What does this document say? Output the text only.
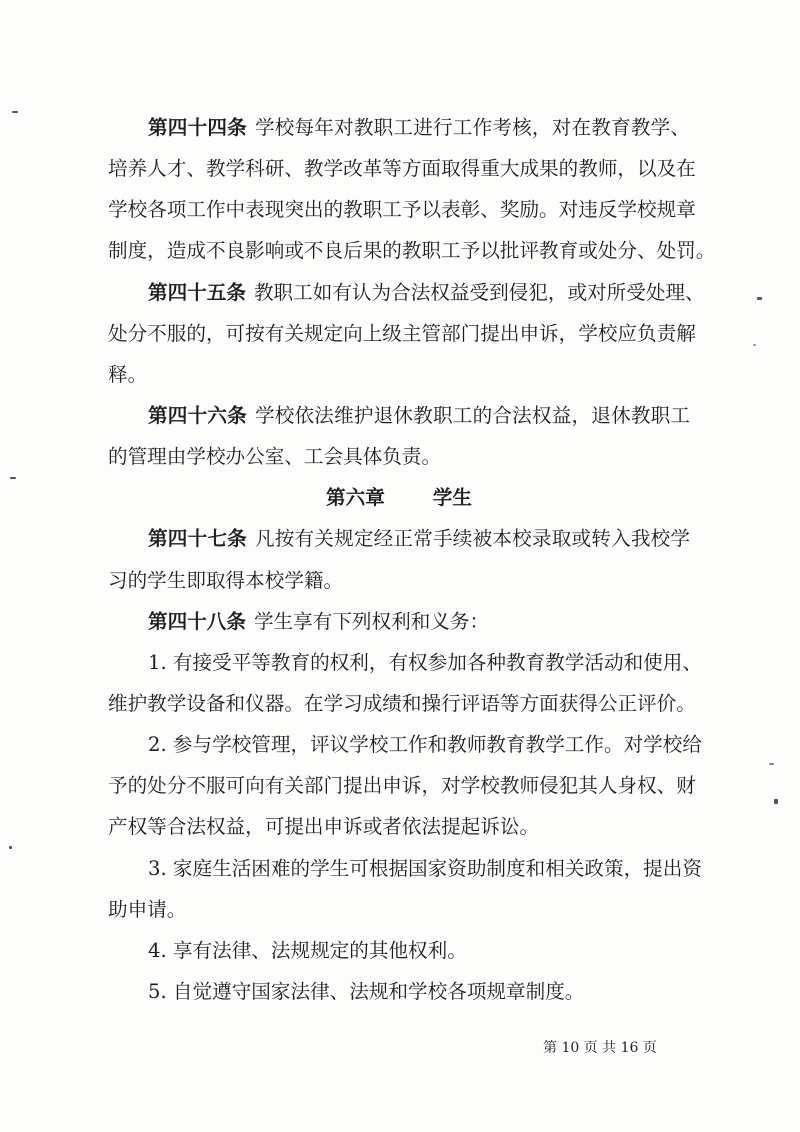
第四十四条 学校每年对教职工进行工作考核，对在教育教学、
培养人才、教学科研、教学改革等方面取得重大成果的教师，以及在
学校各项工作中表现突出的教职工予以表彰、奖励。对违反学校规章
制度，造成不良影响或不良后果的教职工予以批评教育或处分、处罚。
第四十五条 教职工如有认为合法权益受到侵犯，或对所受处理、
处分不服的，可按有关规定向上级主管部门提出申诉，学校应负责解
释。
第四十六条 学校依法维护退休教职工的合法权益，退休教职工
的管理由学校办公室、工会具体负责。
第六章 学生
第四十七条 凡按有关规定经正常手续被本校录取或转入我校学
习的学生即取得本校学籍。
第四十八条 学生享有下列权利和义务：
1. 有接受平等教育的权利，有权参加各种教育教学活动和使用、
维护教学设备和仪器。在学习成绩和操行评语等方面获得公正评价。
2. 参与学校管理，评议学校工作和教师教育教学工作。对学校给
予的处分不服可向有关部门提出申诉，对学校教师侵犯其人身权、财
产权等合法权益，可提出申诉或者依法提起诉讼。
3. 家庭生活困难的学生可根据国家资助制度和相关政策，提出资
助申请。
4. 享有法律、法规规定的其他权利。
5. 自觉遵守国家法律、法规和学校各项规章制度。
第 10 页 共 16 页
